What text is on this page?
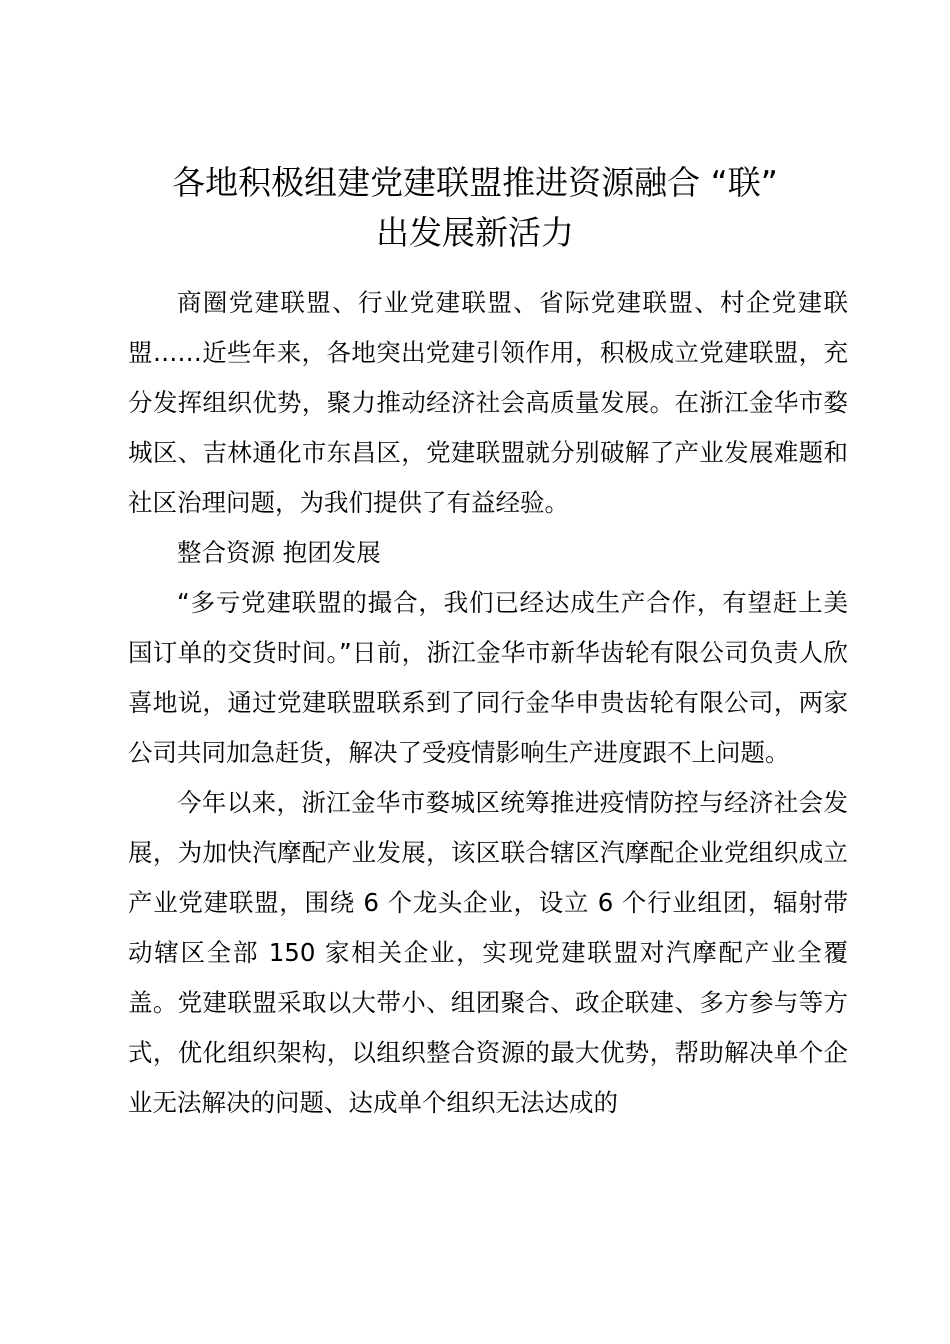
各地积极组建党建联盟推进资源融合 “联”
出发展新活力

商圈党建联盟、行业党建联盟、省际党建联盟、村企党建联盟……近些年来，各地突出党建引领作用，积极成立党建联盟，充分发挥组织优势，聚力推动经济社会高质量发展。在浙江金华市婺城区、吉林通化市东昌区，党建联盟就分别破解了产业发展难题和社区治理问题，为我们提供了有益经验。

整合资源 抱团发展

“多亏党建联盟的撮合，我们已经达成生产合作，有望赶上美国订单的交货时间。”日前，浙江金华市新华齿轮有限公司负责人欣喜地说，通过党建联盟联系到了同行金华申贵齿轮有限公司，两家公司共同加急赶货，解决了受疫情影响生产进度跟不上问题。

今年以来，浙江金华市婺城区统筹推进疫情防控与经济社会发展，为加快汽摩配产业发展，该区联合辖区汽摩配企业党组织成立产业党建联盟，围绕 6 个龙头企业，设立 6 个行业组团，辐射带动辖区全部 150 家相关企业，实现党建联盟对汽摩配产业全覆盖。党建联盟采取以大带小、组团聚合、政企联建、多方参与等方式，优化组织架构，以组织整合资源的最大优势，帮助解决单个企业无法解决的问题、达成单个组织无法达成的
